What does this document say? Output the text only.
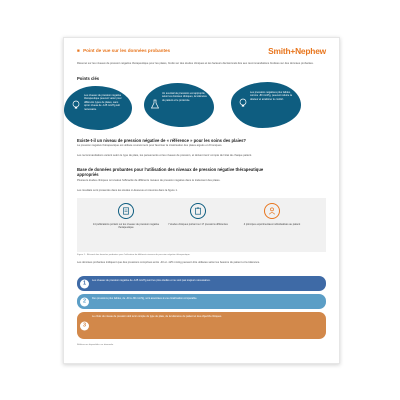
■ Point de vue sur les données probantes	Smith+Nephew
Résumé sur les niveaux de pression négative thérapeutique pour les plaies, fondé sur des études cliniques et les facteurs décisionnels liés aux recommandations fondées sur des données probantes.
Points clés
Les niveaux de pression négative thérapeutique peuvent varier pour différents types de plaies, sans qu'un niveau de -125 mmHg soit nécessaire.
Un éventail de pressions est approprié, selon les données cliniques, la tolérance du patient et le protocole.
Les pressions négatives plus faibles, comme -80 mmHg, peuvent réduire la douleur et améliorer le confort.
Existe-t-il un niveau de pression négative de « référence » pour les soins des plaies?
La pression négative thérapeutique est utilisée couramment pour favoriser la cicatrisation des plaies aiguës et chroniques.
Les recommandations varient selon le type de plaie, les pansements et les niveaux de pression, et doivent tenir compte de l'état de chaque patient.
Base de données probantes pour l'utilisation des niveaux de pression négative thérapeutique
appropriés
Plusieurs études cliniques ont évalué l'efficacité de différents niveaux de pression négative dans le traitement des plaies.
Les résultats sont présentés dans les études ci-dessous et résumés dans la figure 1.
14 publications portant sur les niveaux de pression négative thérapeutique
7 études cliniques portant sur 17 pressions différentes	4 principes expérimentaux individualisés au patient
Figure 1 : Résumé des données probantes pour l'utilisation de différents niveaux de pression négative thérapeutique.
Les données probantes indiquent que des pressions comprises entre -40 et -125 mmHg peuvent être utilisées selon les besoins du patient et la tolérance.
1	Les niveaux de pression négative de -125 mmHg sont les plus étudiés et ne sont pas toujours nécessaires.
2	Des pressions plus faibles, de -40 à -80 mmHg, sont associées à une cicatrisation comparable.
3
Le choix du niveau de pression doit tenir compte du type de plaie, de la tolérance du patient et des objectifs cliniques.
Références disponibles sur demande.
